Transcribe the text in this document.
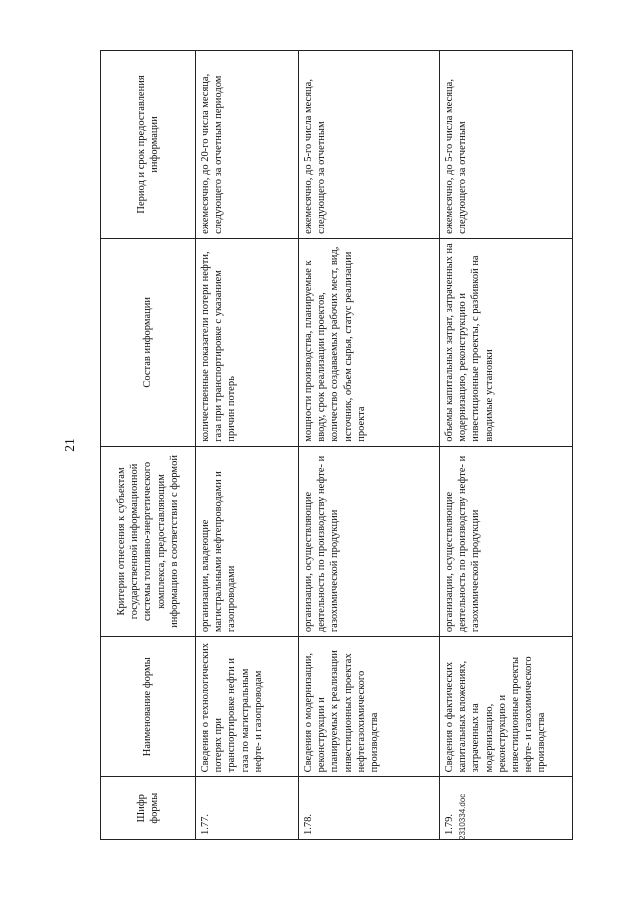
21
Шифр формы	Наименование формы	Критерии отнесения к субъектам государственной информационной системы топливно-энергетического комплекса, предоставляющим информацию в соответствии с формой	Состав информации	Период и срок предоставления информации
1.77.	Сведения о технологических потерях при транспортировке нефти и газа по магистральным нефте- и газопроводам	организации, владеющие магистральными нефтепроводами и газопроводами	количественные показатели потери нефти, газа при транспортировке с указанием причин потерь	ежемесячно, до 20-го числа месяца, следующего за отчетным периодом
1.78.	Сведения о модернизации, реконструкции и планируемых к реализации инвестиционных проектах нефтегазохимического производства	организации, осуществляющие деятельность по производству нефте- и газохимической продукции	мощности производства, планируемые к вводу, срок реализации проектов, количество создаваемых рабочих мест, вид, источник, объем сырья, статус реализации проекта	ежемесячно, до 5-го числа месяца, следующего за отчетным
1.79.	Сведения о фактических капитальных вложениях, затраченных на модернизацию, реконструкцию и инвестиционные проекты нефте- и газохимического производства	организации, осуществляющие деятельность по производству нефте- и газохимической продукции	объемы капитальных затрат, затраченных на модернизацию, реконструкцию и инвестиционные проекты, с разбивкой на вводимые установки	ежемесячно, до 5-го числа месяца, следующего за отчетным
2310334.doc
